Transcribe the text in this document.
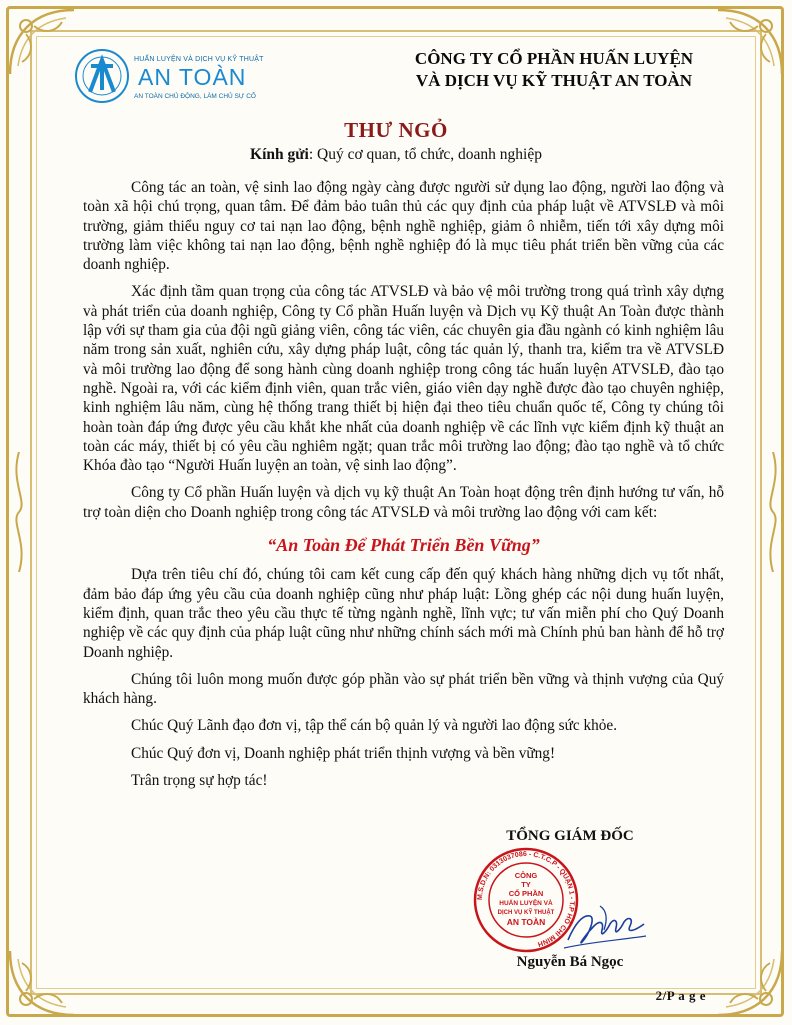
HUẤN LUYỆN VÀ DỊCH VỤ KỸ THUẬT
AN TOÀN
AN TOÀN CHỦ ĐỘNG, LÀM CHỦ SỰ CỐ
CÔNG TY CỔ PHẦN HUẤN LUYỆN
VÀ DỊCH VỤ KỸ THUẬT AN TOÀN
THƯ NGỎ
Kính gửi: Quý cơ quan, tổ chức, doanh nghiệp

Công tác an toàn, vệ sinh lao động ngày càng được người sử dụng lao động, người lao động và toàn xã hội chú trọng, quan tâm. Để đảm bảo tuân thủ các quy định của pháp luật về ATVSLĐ và môi trường, giảm thiểu nguy cơ tai nạn lao động, bệnh nghề nghiệp, giảm ô nhiễm, tiến tới xây dựng môi trường làm việc không tai nạn lao động, bệnh nghề nghiệp đó là mục tiêu phát triển bền vững của các doanh nghiệp.

Xác định tầm quan trọng của công tác ATVSLĐ và bảo vệ môi trường trong quá trình xây dựng và phát triển của doanh nghiệp, Công ty Cổ phần Huấn luyện và Dịch vụ Kỹ thuật An Toàn được thành lập với sự tham gia của đội ngũ giảng viên, công tác viên, các chuyên gia đầu ngành có kinh nghiệm lâu năm trong sản xuất, nghiên cứu, xây dựng pháp luật, công tác quản lý, thanh tra, kiểm tra về ATVSLĐ và môi trường lao động để song hành cùng doanh nghiệp trong công tác huấn luyện ATVSLĐ, đào tạo nghề. Ngoài ra, với các kiểm định viên, quan trắc viên, giáo viên dạy nghề được đào tạo chuyên nghiệp, kinh nghiệm lâu năm, cùng hệ thống trang thiết bị hiện đại theo tiêu chuẩn quốc tế, Công ty chúng tôi hoàn toàn đáp ứng được yêu cầu khắt khe nhất của doanh nghiệp về các lĩnh vực kiểm định kỹ thuật an toàn các máy, thiết bị có yêu cầu nghiêm ngặt; quan trắc môi trường lao động; đào tạo nghề và tổ chức Khóa đào tạo “Người Huấn luyện an toàn, vệ sinh lao động”.

Công ty Cổ phần Huấn luyện và dịch vụ kỹ thuật An Toàn hoạt động trên định hướng tư vấn, hỗ trợ toàn diện cho Doanh nghiệp trong công tác ATVSLĐ và môi trường lao động với cam kết:

“An Toàn Để Phát Triển Bền Vững”

Dựa trên tiêu chí đó, chúng tôi cam kết cung cấp đến quý khách hàng những dịch vụ tốt nhất, đảm bảo đáp ứng yêu cầu của doanh nghiệp cũng như pháp luật: Lồng ghép các nội dung huấn luyện, kiểm định, quan trắc theo yêu cầu thực tế từng ngành nghề, lĩnh vực; tư vấn miễn phí cho Quý Doanh nghiệp về các quy định của pháp luật cũng như những chính sách mới mà Chính phủ ban hành để hỗ trợ Doanh nghiệp.

Chúng tôi luôn mong muốn được góp phần vào sự phát triển bền vững và thịnh vượng của Quý khách hàng.

Chúc Quý Lãnh đạo đơn vị, tập thể cán bộ quản lý và người lao động sức khỏe.

Chúc Quý đơn vị, Doanh nghiệp phát triển thịnh vượng và bền vững!

Trân trọng sự hợp tác!

TỔNG GIÁM ĐỐC
M.S.D.N: 0313037086 - C.T.C.P - QUẬN 1 - T.P HỒ CHÍ MINH
CÔNG
TY
CỔ PHẦN
HUẤN LUYỆN VÀ
DỊCH VỤ KỸ THUẬT
AN TOÀN
Nguyễn Bá Ngọc
2/P a g e
